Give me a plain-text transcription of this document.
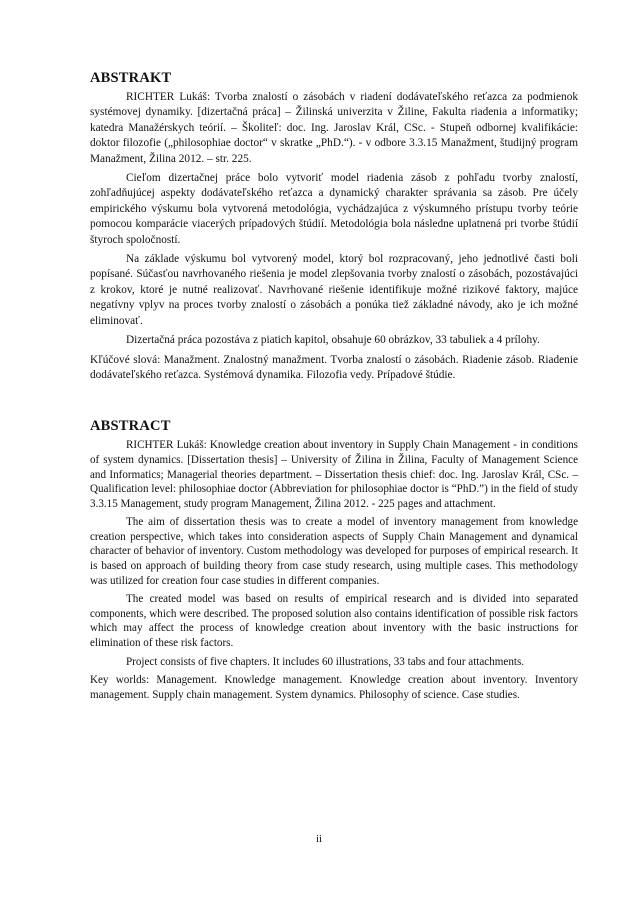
ABSTRAKT

RICHTER Lukáš: Tvorba znalostí o zásobách v riadení dodávateľského reťazca za podmienok systémovej dynamiky. [dizertačná práca] – Žilinská univerzita v Žiline, Fakulta riadenia a informatiky; katedra Manažérskych teórií. – Školiteľ: doc. Ing. Jaroslav Král, CSc. - Stupeň odbornej kvalifikácie: doktor filozofie („philosophiae doctor“ v skratke „PhD.“). - v odbore 3.3.15 Manažment, študijný program Manažment, Žilina 2012. – str. 225.

Cieľom dizertačnej práce bolo vytvoriť model riadenia zásob z pohľadu tvorby znalostí, zohľadňujúcej aspekty dodávateľského reťazca a dynamický charakter správania sa zásob. Pre účely empirického výskumu bola vytvorená metodológia, vychádzajúca z výskumného prístupu tvorby teórie pomocou komparácie viacerých prípadových štúdií. Metodológia bola následne uplatnená pri tvorbe štúdií štyroch spoločností.

Na základe výskumu bol vytvorený model, ktorý bol rozpracovaný, jeho jednotlivé časti boli popísané. Súčasťou navrhovaného riešenia je model zlepšovania tvorby znalostí o zásobách, pozostávajúci z krokov, ktoré je nutné realizovať. Navrhované riešenie identifikuje možné rizikové faktory, majúce negatívny vplyv na proces tvorby znalostí o zásobách a ponúka tiež základné návody, ako je ich možné eliminovať.

Dizertačná práca pozostáva z piatich kapitol, obsahuje 60 obrázkov, 33 tabuliek a 4 prílohy.

Kľúčové slová: Manažment. Znalostný manažment. Tvorba znalostí o zásobách. Riadenie zásob. Riadenie dodávateľského reťazca. Systémová dynamika. Filozofia vedy. Prípadové štúdie.

ABSTRACT

RICHTER Lukáš: Knowledge creation about inventory in Supply Chain Management - in conditions of system dynamics. [Dissertation thesis] – University of Žilina in Žilina, Faculty of Management Science and Informatics; Managerial theories department. – Dissertation thesis chief: doc. Ing. Jaroslav Král, CSc. – Qualification level: philosophiae doctor (Abbreviation for philosophiae doctor is “PhD.”) in the field of study 3.3.15 Management, study program Management, Žilina 2012. - 225 pages and attachment.

The aim of dissertation thesis was to create a model of inventory management from knowledge creation perspective, which takes into consideration aspects of Supply Chain Management and dynamical character of behavior of inventory. Custom methodology was developed for purposes of empirical research. It is based on approach of building theory from case study research, using multiple cases. This methodology was utilized for creation four case studies in different companies.

The created model was based on results of empirical research and is divided into separated components, which were described. The proposed solution also contains identification of possible risk factors which may affect the process of knowledge creation about inventory with the basic instructions for elimination of these risk factors.

Project consists of five chapters. It includes 60 illustrations, 33 tabs and four attachments.

Key worlds: Management. Knowledge management. Knowledge creation about inventory. Inventory management. Supply chain management. System dynamics. Philosophy of science. Case studies.

ii
